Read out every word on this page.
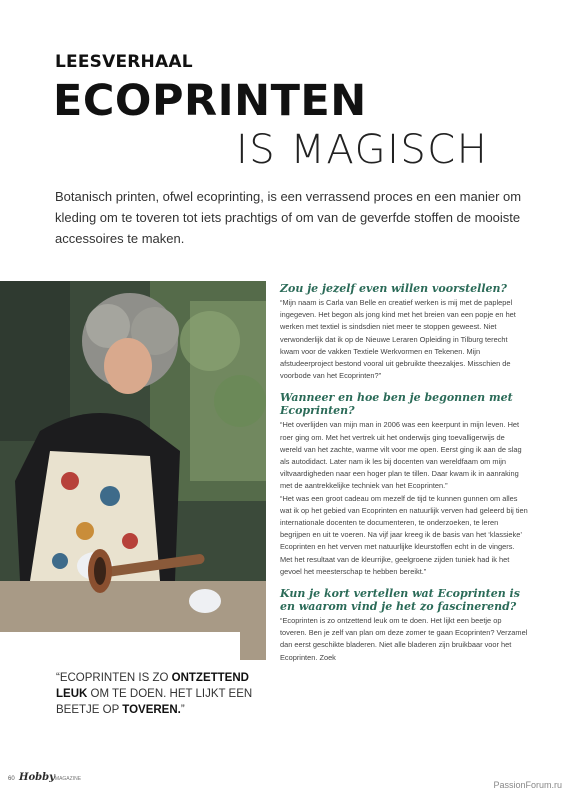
LEESVERHAAL
ECOPRINTEN
IS MAGISCH

Botanisch printen, ofwel ecoprinting, is een verrassend proces en een manier om kleding om te toveren tot iets prachtigs of om van de geverfde stoffen de mooiste accessoires te maken.

“ECOPRINTEN IS ZO ONTZETTEND LEUK OM TE DOEN. HET LIJKT EEN BEETJE OP TOVEREN.”

Zou je jezelf even willen voorstellen?

“Mijn naam is Carla van Belle en creatief werken is mij met de paplepel ingegeven. Het begon als jong kind met het breien van een popje en het werken met textiel is sindsdien niet meer te stoppen geweest. Niet verwonderlijk dat ik op de Nieuwe Leraren Opleiding in Tilburg terecht kwam voor de vakken Textiele Werkvormen en Tekenen. Mijn afstudeerproject bestond vooral uit gebruikte theezakjes. Misschien de voorbode van het Ecoprinten?”

Wanneer en hoe ben je begonnen met Ecoprinten?

“Het overlijden van mijn man in 2006 was een keerpunt in mijn leven. Het roer ging om. Met het vertrek uit het onderwijs ging toevalligerwijs de wereld van het zachte, warme vilt voor me open. Eerst ging ik aan de slag als autodidact. Later nam ik les bij docenten van wereldfaam om mijn viltvaardigheden naar een hoger plan te tillen. Daar kwam ik in aanraking met de aantrekkelijke techniek van het Ecoprinten.”

“Het was een groot cadeau om mezelf de tijd te kunnen gunnen om alles wat ik op het gebied van Ecoprinten en natuurlijk verven had geleerd bij tien internationale docenten te documenteren, te onderzoeken, te leren begrijpen en uit te voeren. Na vijf jaar kreeg ik de basis van het ‘klassieke’ Ecoprinten en het verven met natuurlijke kleurstoffen echt in de vingers. Met het resultaat van de kleurrijke, geelgroene zijden tuniek had ik het gevoel het meesterschap te hebben bereikt.”

Kun je kort vertellen wat Ecoprinten is en waarom vind je het zo fascinerend?

“Ecoprinten is zo ontzettend leuk om te doen. Het lijkt een beetje op toveren. Ben je zelf van plan om deze zomer te gaan Ecoprinten? Verzamel dan eerst geschikte bladeren. Niet alle bladeren zijn bruikbaar voor het Ecoprinten. Zoek

60 HobbyMAGAZINE
PassionForum.ru
